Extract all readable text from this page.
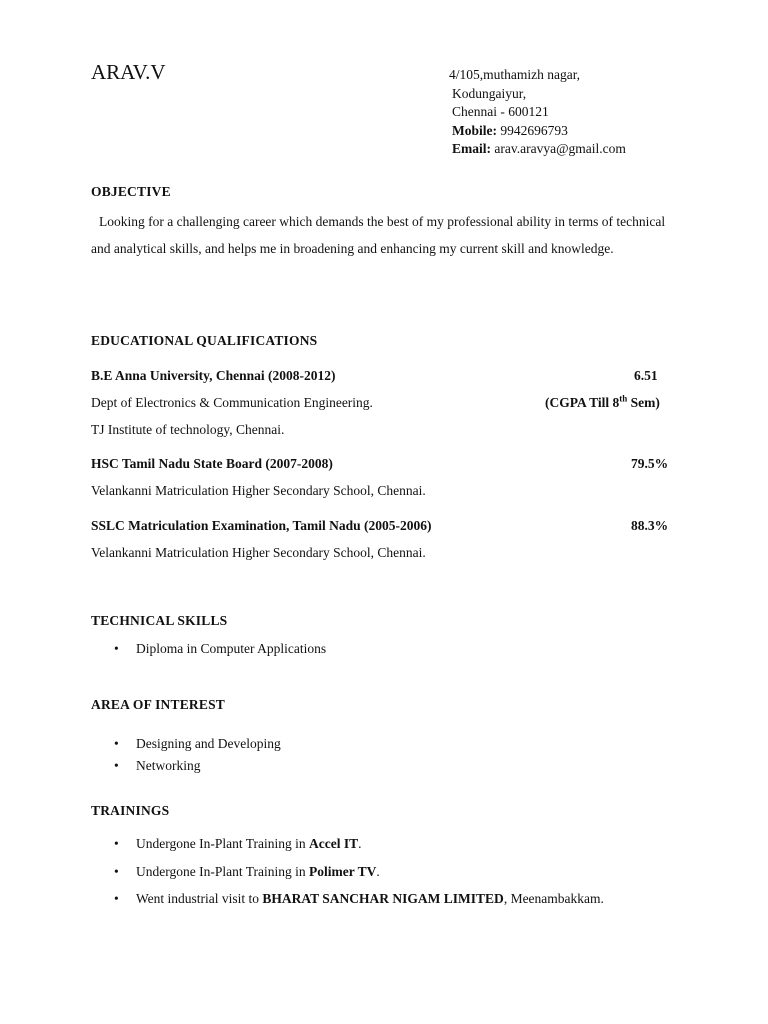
ARAV.V	4/105,muthamizh nagar,
Kodungaiyur,
Chennai - 600121
Mobile: 9942696793
Email: arav.aravya@gmail.com
OBJECTIVE
Looking for a challenging career which demands the best of my professional ability in terms of technical and analytical skills, and helps me in broadening and enhancing my current skill and knowledge.
EDUCATIONAL QUALIFICATIONS
B.E Anna University, Chennai (2008-2012)	6.51
Dept of Electronics & Communication Engineering.	(CGPA Till 8th Sem)
TJ Institute of technology, Chennai.
HSC Tamil Nadu State Board (2007-2008)	79.5%
Velankanni Matriculation Higher Secondary School, Chennai.
SSLC Matriculation Examination, Tamil Nadu (2005-2006)	88.3%
Velankanni Matriculation Higher Secondary School, Chennai.
TECHNICAL SKILLS
• Diploma in Computer Applications
AREA OF INTEREST
• Designing and Developing
• Networking
TRAININGS
• Undergone In-Plant Training in Accel IT.
• Undergone In-Plant Training in Polimer TV.
• Went industrial visit to BHARAT SANCHAR NIGAM LIMITED, Meenambakkam.
